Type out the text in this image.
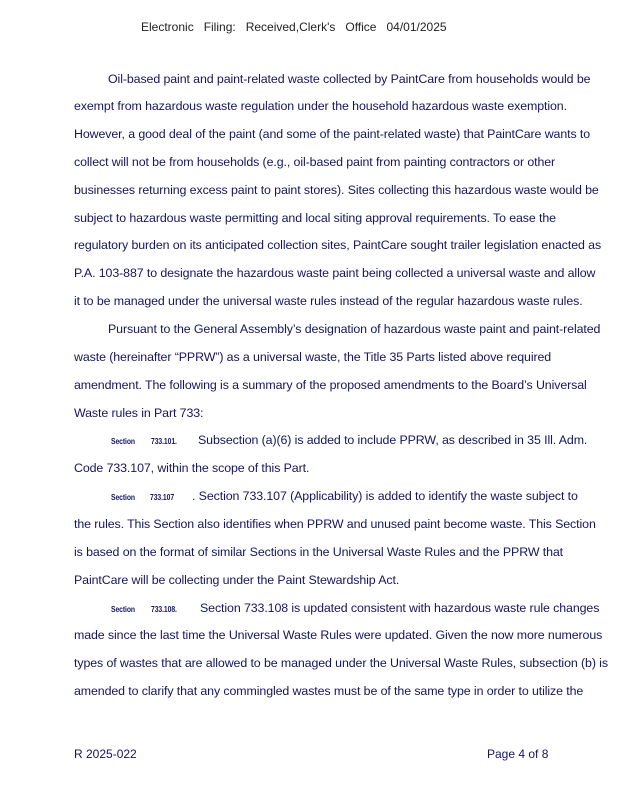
Electronic Filing: Received,Clerk's Office 04/01/2025
Oil-based paint and paint-related waste collected by PaintCare from households would be
exempt from hazardous waste regulation under the household hazardous waste exemption.
However, a good deal of the paint (and some of the paint-related waste) that PaintCare wants to
collect will not be from households (e.g., oil-based paint from painting contractors or other
businesses returning excess paint to paint stores). Sites collecting this hazardous waste would be
subject to hazardous waste permitting and local siting approval requirements. To ease the
regulatory burden on its anticipated collection sites, PaintCare sought trailer legislation enacted as
P.A. 103-887 to designate the hazardous waste paint being collected a universal waste and allow
it to be managed under the universal waste rules instead of the regular hazardous waste rules.
Pursuant to the General Assembly’s designation of hazardous waste paint and paint-related
waste (hereinafter “PPRW”) as a universal waste, the Title 35 Parts listed above required
amendment. The following is a summary of the proposed amendments to the Board’s Universal
Waste rules in Part 733:
Section 733.101. Subsection (a)(6) is added to include PPRW, as described in 35 Ill. Adm.
Code 733.107, within the scope of this Part.
Section 733.107 . Section 733.107 (Applicability) is added to identify the waste subject to
the rules. This Section also identifies when PPRW and unused paint become waste. This Section
is based on the format of similar Sections in the Universal Waste Rules and the PPRW that
PaintCare will be collecting under the Paint Stewardship Act.
Section 733.108. Section 733.108 is updated consistent with hazardous waste rule changes
made since the last time the Universal Waste Rules were updated. Given the now more numerous
types of wastes that are allowed to be managed under the Universal Waste Rules, subsection (b) is
amended to clarify that any commingled wastes must be of the same type in order to utilize the
R 2025-022	Page 4 of 8
